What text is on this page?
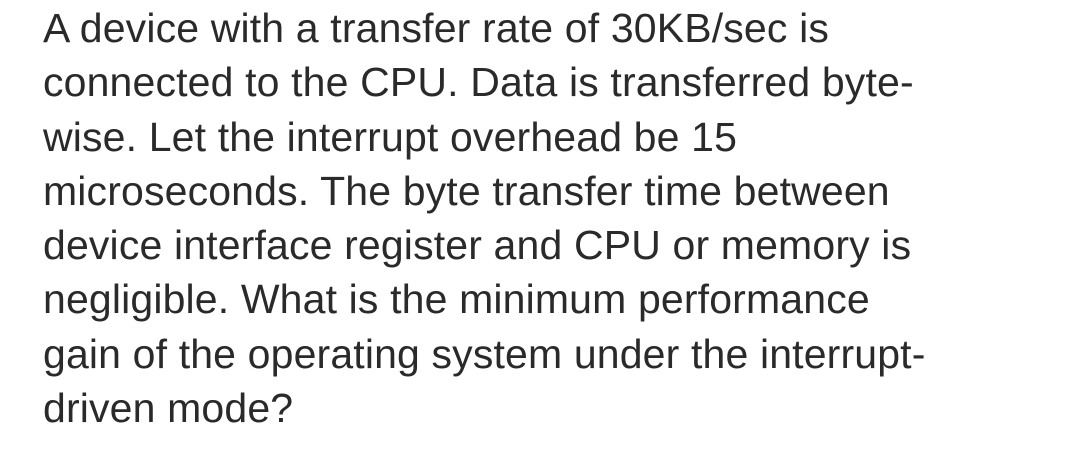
A device with a transfer rate of 30KB/sec is
connected to the CPU. Data is transferred byte-
wise. Let the interrupt overhead be 15
microseconds. The byte transfer time between
device interface register and CPU or memory is
negligible. What is the minimum performance
gain of the operating system under the interrupt-
driven mode?
